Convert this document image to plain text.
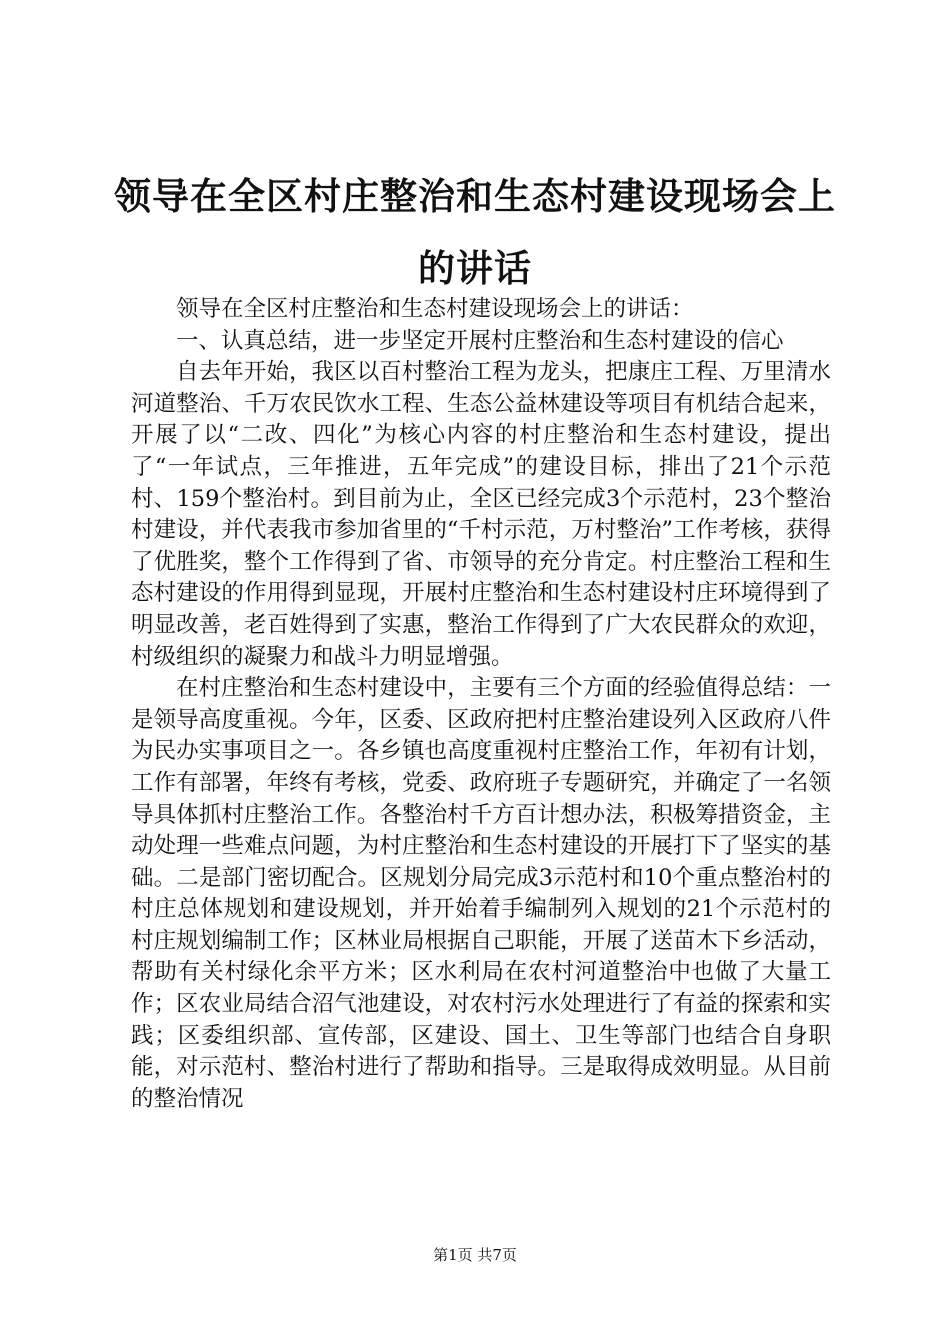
领导在全区村庄整治和生态村建设现场会上的讲话

领导在全区村庄整治和生态村建设现场会上的讲话：

一、认真总结，进一步坚定开展村庄整治和生态村建设的信心

自去年开始，我区以百村整治工程为龙头，把康庄工程、万里清水河道整治、千万农民饮水工程、生态公益林建设等项目有机结合起来，开展了以“二改、四化”为核心内容的村庄整治和生态村建设，提出了“一年试点，三年推进，五年完成”的建设目标，排出了21个示范村、159个整治村。到目前为止，全区已经完成3个示范村，23个整治村建设，并代表我市参加省里的“千村示范，万村整治”工作考核，获得了优胜奖，整个工作得到了省、市领导的充分肯定。村庄整治工程和生态村建设的作用得到显现，开展村庄整治和生态村建设村庄环境得到了明显改善，老百姓得到了实惠，整治工作得到了广大农民群众的欢迎，村级组织的凝聚力和战斗力明显增强。

在村庄整治和生态村建设中，主要有三个方面的经验值得总结：一是领导高度重视。今年，区委、区政府把村庄整治建设列入区政府八件为民办实事项目之一。各乡镇也高度重视村庄整治工作，年初有计划，工作有部署，年终有考核，党委、政府班子专题研究，并确定了一名领导具体抓村庄整治工作。各整治村千方百计想办法，积极筹措资金，主动处理一些难点问题，为村庄整治和生态村建设的开展打下了坚实的基础。二是部门密切配合。区规划分局完成3示范村和10个重点整治村的村庄总体规划和建设规划，并开始着手编制列入规划的21个示范村的村庄规划编制工作；区林业局根据自己职能，开展了送苗木下乡活动，帮助有关村绿化余平方米；区水利局在农村河道整治中也做了大量工作；区农业局结合沼气池建设，对农村污水处理进行了有益的探索和实践；区委组织部、宣传部，区建设、国土、卫生等部门也结合自身职能，对示范村、整治村进行了帮助和指导。三是取得成效明显。从目前的整治情况

第1页 共7页
